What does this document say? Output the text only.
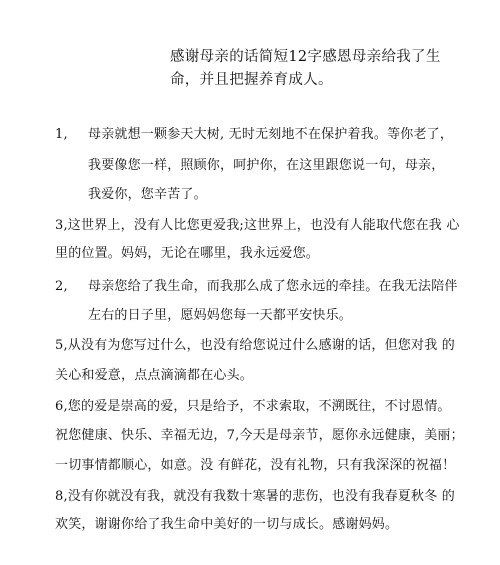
感谢母亲的话简短12字感恩母亲给我了生
命，并且把握养育成人。
1, 母亲就想一颗参天大树, 无时无刻地不在保护着我。等你老了，
我要像您一样，照顾你，呵护你，在这里跟您说一句，母亲，
我爱你，您辛苦了。
3,这世界上，没有人比您更爱我;这世界上，也没有人能取代您在我 心
里的位置。妈妈，无论在哪里，我永远爱您。
2, 母亲您给了我生命，而我那么成了您永远的牵挂。在我无法陪伴
左右的日子里，愿妈妈您每一天都平安快乐。
5,从没有为您写过什么，也没有给您说过什么感谢的话，但您对我 的
关心和爱意，点点滴滴都在心头。
6,您的爱是崇高的爱，只是给予，不求索取，不溯既往，不讨恩情。
祝您健康、快乐、幸福无边，7,今天是母亲节，愿你永远健康，美丽；
一切事情都顺心，如意。没 有鲜花，没有礼物，只有我深深的祝福！
8,没有你就没有我，就没有我数十寒暑的悲伤，也没有我春夏秋冬 的
欢笑，谢谢你给了我生命中美好的一切与成长。感谢妈妈。
